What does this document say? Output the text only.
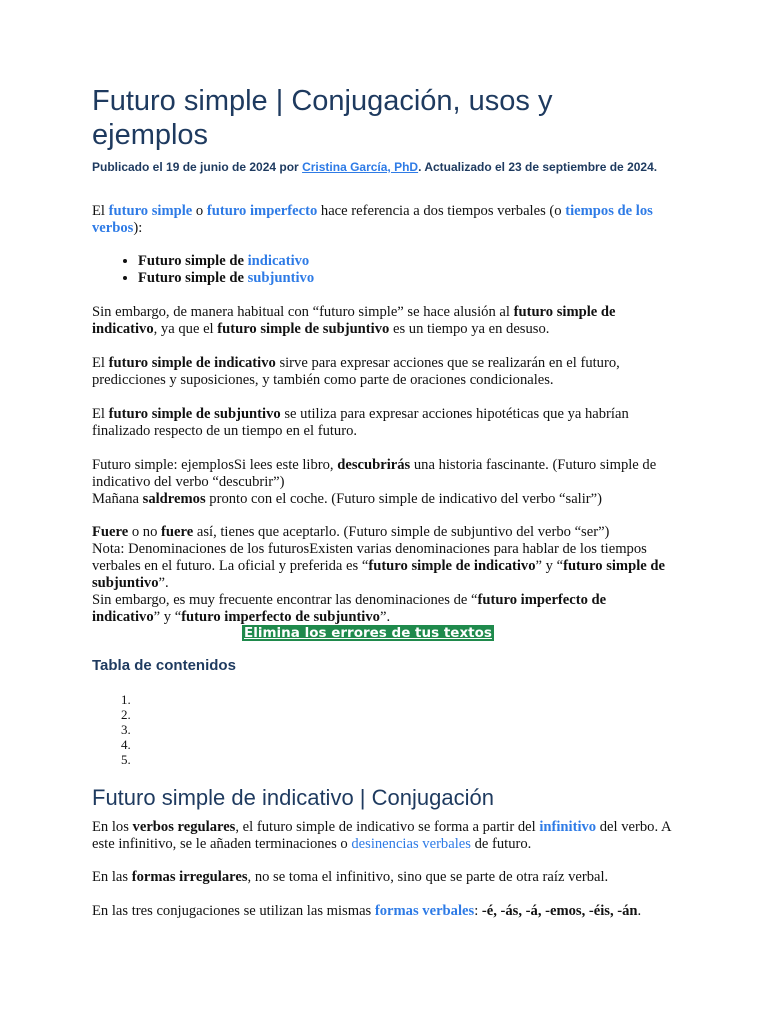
Futuro simple | Conjugación, usos y ejemplos
Publicado el 19 de junio de 2024 por Cristina García, PhD. Actualizado el 23 de septiembre de 2024.

El futuro simple o futuro imperfecto hace referencia a dos tiempos verbales (o tiempos de los verbos):

• Futuro simple de indicativo
• Futuro simple de subjuntivo

Sin embargo, de manera habitual con “futuro simple” se hace alusión al futuro simple de indicativo, ya que el futuro simple de subjuntivo es un tiempo ya en desuso.

El futuro simple de indicativo sirve para expresar acciones que se realizarán en el futuro, predicciones y suposiciones, y también como parte de oraciones condicionales.

El futuro simple de subjuntivo se utiliza para expresar acciones hipotéticas que ya habrían finalizado respecto de un tiempo en el futuro.

Futuro simple: ejemplosSi lees este libro, descubrirás una historia fascinante. (Futuro simple de indicativo del verbo “descubrir”)
Mañana saldremos pronto con el coche. (Futuro simple de indicativo del verbo “salir”)

Fuere o no fuere así, tienes que aceptarlo. (Futuro simple de subjuntivo del verbo “ser”)
Nota: Denominaciones de los futurosExisten varias denominaciones para hablar de los tiempos verbales en el futuro. La oficial y preferida es “futuro simple de indicativo” y “futuro simple de subjuntivo”.
Sin embargo, es muy frecuente encontrar las denominaciones de “futuro imperfecto de indicativo” y “futuro imperfecto de subjuntivo”.

Elimina los errores de tus textos
Tabla de contenidos
Futuro simple de indicativo | Conjugación

En los verbos regulares, el futuro simple de indicativo se forma a partir del infinitivo del verbo. A este infinitivo, se le añaden terminaciones o desinencias verbales de futuro.

En las formas irregulares, no se toma el infinitivo, sino que se parte de otra raíz verbal.

En las tres conjugaciones se utilizan las mismas formas verbales: -é, -ás, -á, -emos, -éis, -án.
